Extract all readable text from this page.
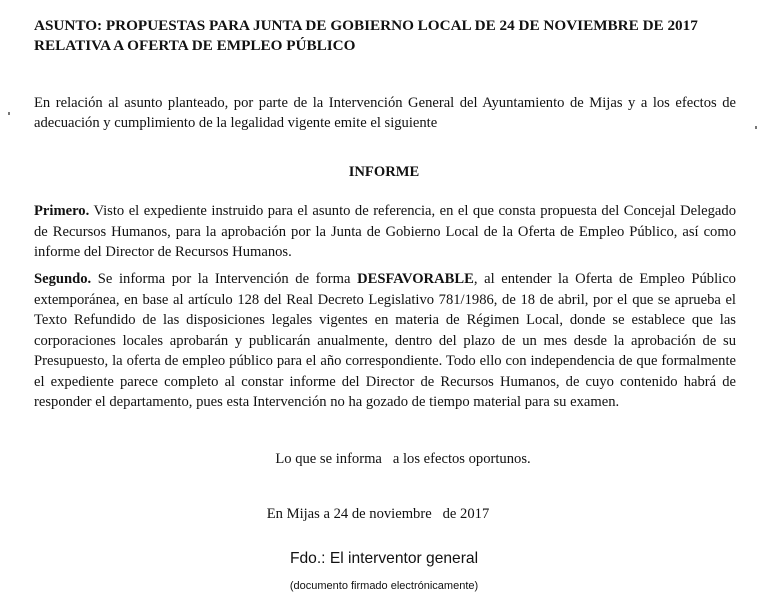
ASUNTO: PROPUESTAS PARA JUNTA DE GOBIERNO LOCAL DE 24 DE NOVIEMBRE DE 2017
RELATIVA A OFERTA DE EMPLEO PÚBLICO
En relación al asunto planteado, por parte de la Intervención General del Ayuntamiento de Mijas y a los efectos de adecuación y cumplimiento de la legalidad vigente emite el siguiente
INFORME
Primero. Visto el expediente instruido para el asunto de referencia, en el que consta propuesta del Concejal Delegado de Recursos Humanos, para la aprobación por la Junta de Gobierno Local de la Oferta de Empleo Público, así como informe del Director de Recursos Humanos.
Segundo. Se informa por la Intervención de forma DESFAVORABLE, al entender la Oferta de Empleo Público extemporánea, en base al artículo 128 del Real Decreto Legislativo 781/1986, de 18 de abril, por el que se aprueba el Texto Refundido de las disposiciones legales vigentes en materia de Régimen Local, donde se establece que las corporaciones locales aprobarán y publicarán anualmente, dentro del plazo de un mes desde la aprobación de su Presupuesto, la oferta de empleo público para el año correspondiente. Todo ello con independencia de que formalmente el expediente parece completo al constar informe del Director de Recursos Humanos, de cuyo contenido habrá de responder el departamento, pues esta Intervención no ha gozado de tiempo material para su examen.
Lo que se informa   a los efectos oportunos.
En Mijas a 24 de noviembre   de 2017
Fdo.: El interventor general
(documento firmado electrónicamente)
